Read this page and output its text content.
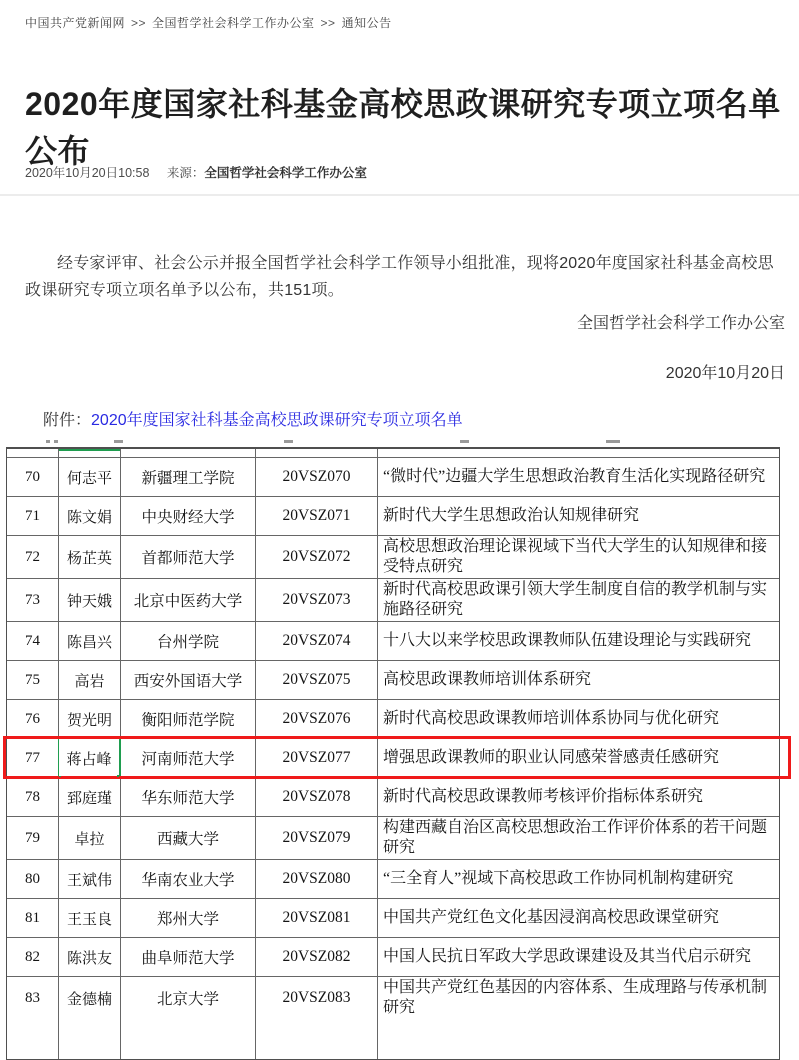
中国共产党新闻网 >> 全国哲学社会科学工作办公室 >> 通知公告
2020年度国家社科基金高校思政课研究专项立项名单公布
2020年10月20日10:58 来源：全国哲学社会科学工作办公室

经专家评审、社会公示并报全国哲学社会科学工作领导小组批准，现将2020年度国家社科基金高校思政课研究专项立项名单予以公布，共151项。

全国哲学社会科学工作办公室
2020年10月20日
附件：2020年度国家社科基金高校思政课研究专项立项名单
70	何志平	新疆理工学院	20VSZ070	“微时代”边疆大学生思想政治教育生活化实现路径研究
71	陈文娟	中央财经大学	20VSZ071	新时代大学生思想政治认知规律研究
72	杨芷英	首都师范大学	20VSZ072
高校思想政治理论课视域下当代大学生的认知规律和接受特点研究
73	钟天娥	北京中医药大学	20VSZ073
新时代高校思政课引领大学生制度自信的教学机制与实施路径研究
74	陈昌兴	台州学院	20VSZ074	十八大以来学校思政课教师队伍建设理论与实践研究
75	高岩	西安外国语大学	20VSZ075	高校思政课教师培训体系研究
76	贺光明	衡阳师范学院	20VSZ076	新时代高校思政课教师培训体系协同与优化研究
77	蒋占峰	河南师范大学	20VSZ077	增强思政课教师的职业认同感荣誉感责任感研究
78	郅庭瑾	华东师范大学	20VSZ078	新时代高校思政课教师考核评价指标体系研究
79	卓拉	西藏大学	20VSZ079
构建西藏自治区高校思想政治工作评价体系的若干问题研究
80	王斌伟	华南农业大学	20VSZ080	“三全育人”视域下高校思政工作协同机制构建研究
81	王玉良	郑州大学	20VSZ081	中国共产党红色文化基因浸润高校思政课堂研究
82	陈洪友	曲阜师范大学	20VSZ082	中国人民抗日军政大学思政课建设及其当代启示研究
83	金德楠	北京大学	20VSZ083
中国共产党红色基因的内容体系、生成理路与传承机制研究
